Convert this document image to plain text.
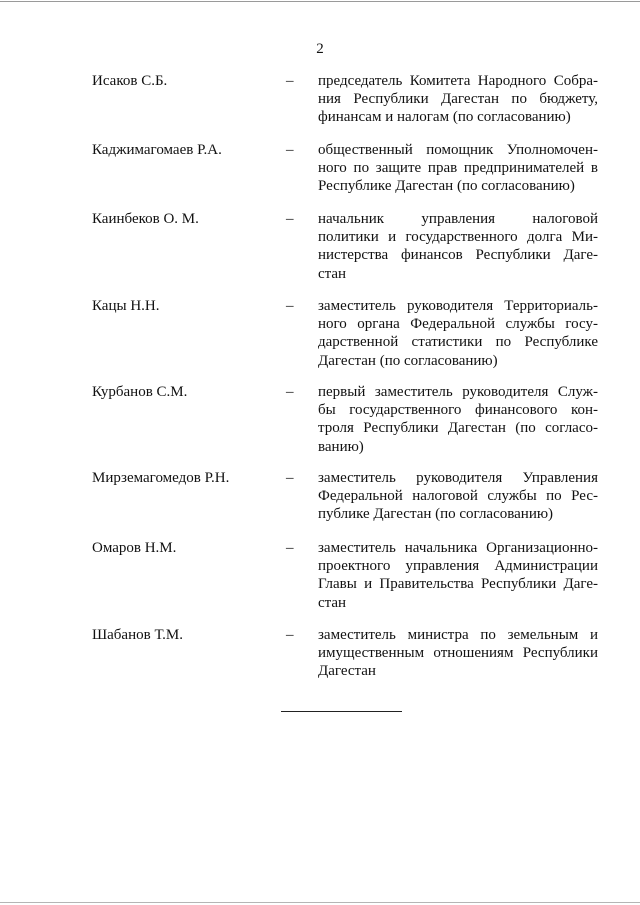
2
Исаков С.Б.	– председатель Комитета Народного Собра-
ния Республики Дагестан по бюджету,
финансам и налогам (по согласованию)
Каджимагомаев Р.А.	– общественный помощник Уполномочен-
ного по защите прав предпринимателей в
Республике Дагестан (по согласованию)
Каинбеков О. М.	– начальник управления налоговой
политики и государственного долга Ми-
нистерства финансов Республики Даге-
стан
Кацы Н.Н.	– заместитель руководителя Территориаль-
ного органа Федеральной службы госу-
дарственной статистики по Республике
Дагестан (по согласованию)
Курбанов С.М.	– первый заместитель руководителя Служ-
бы государственного финансового кон-
троля Республики Дагестан (по согласо-
ванию)
Мирземагомедов Р.Н.	– заместитель руководителя Управления
Федеральной налоговой службы по Рес-
публике Дагестан (по согласованию)
Омаров Н.М.	– заместитель начальника Организационно-
проектного управления Администрации
Главы и Правительства Республики Даге-
стан
Шабанов Т.М.	– заместитель министра по земельным и
имущественным отношениям Республики
Дагестан
